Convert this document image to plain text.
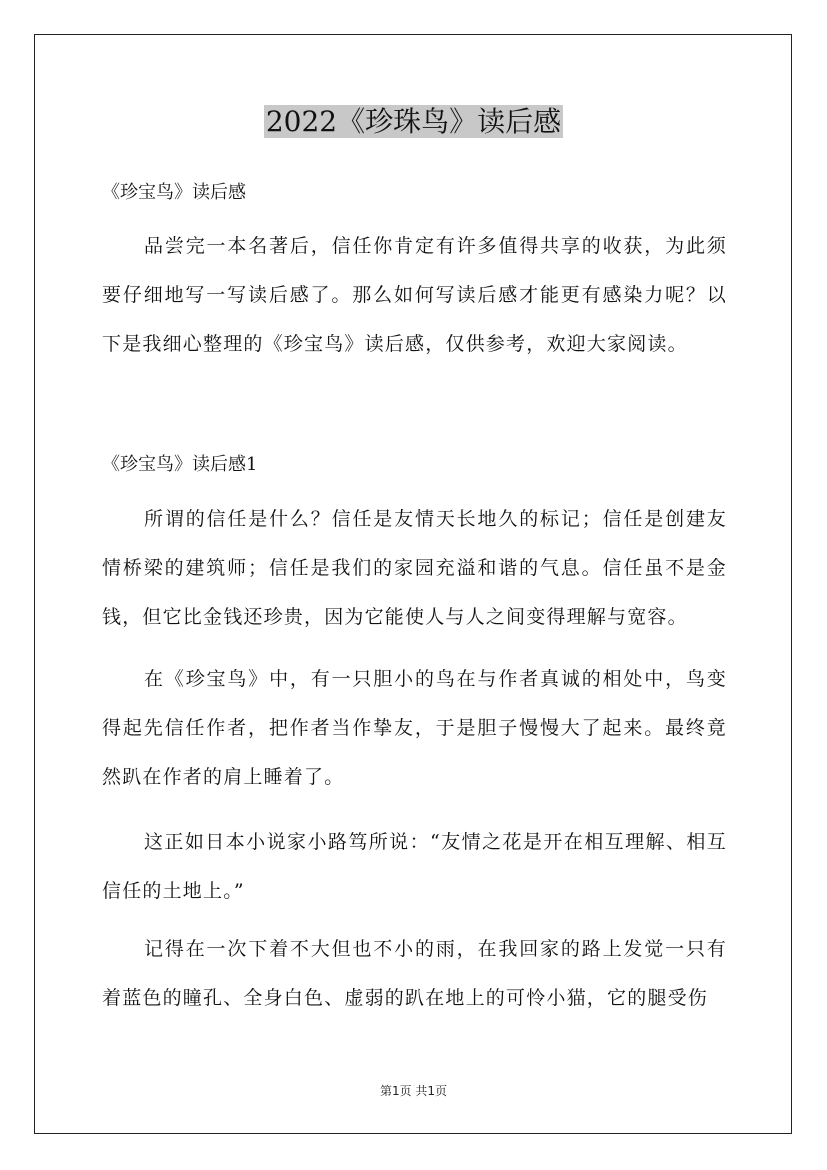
2022《珍珠鸟》读后感

《珍宝鸟》读后感

品尝完一本名著后，信任你肯定有许多值得共享的收获，为此须要仔细地写一写读后感了。那么如何写读后感才能更有感染力呢？以下是我细心整理的《珍宝鸟》读后感，仅供参考，欢迎大家阅读。

《珍宝鸟》读后感1

所谓的信任是什么？信任是友情天长地久的标记；信任是创建友情桥梁的建筑师；信任是我们的家园充溢和谐的气息。信任虽不是金钱，但它比金钱还珍贵，因为它能使人与人之间变得理解与宽容。

在《珍宝鸟》中，有一只胆小的鸟在与作者真诚的相处中，鸟变得起先信任作者，把作者当作挚友，于是胆子慢慢大了起来。最终竟然趴在作者的肩上睡着了。

这正如日本小说家小路笃所说：“友情之花是开在相互理解、相互信任的土地上。”

记得在一次下着不大但也不小的雨，在我回家的路上发觉一只有着蓝色的瞳孔、全身白色、虚弱的趴在地上的可怜小猫，它的腿受伤

第1页 共1页
